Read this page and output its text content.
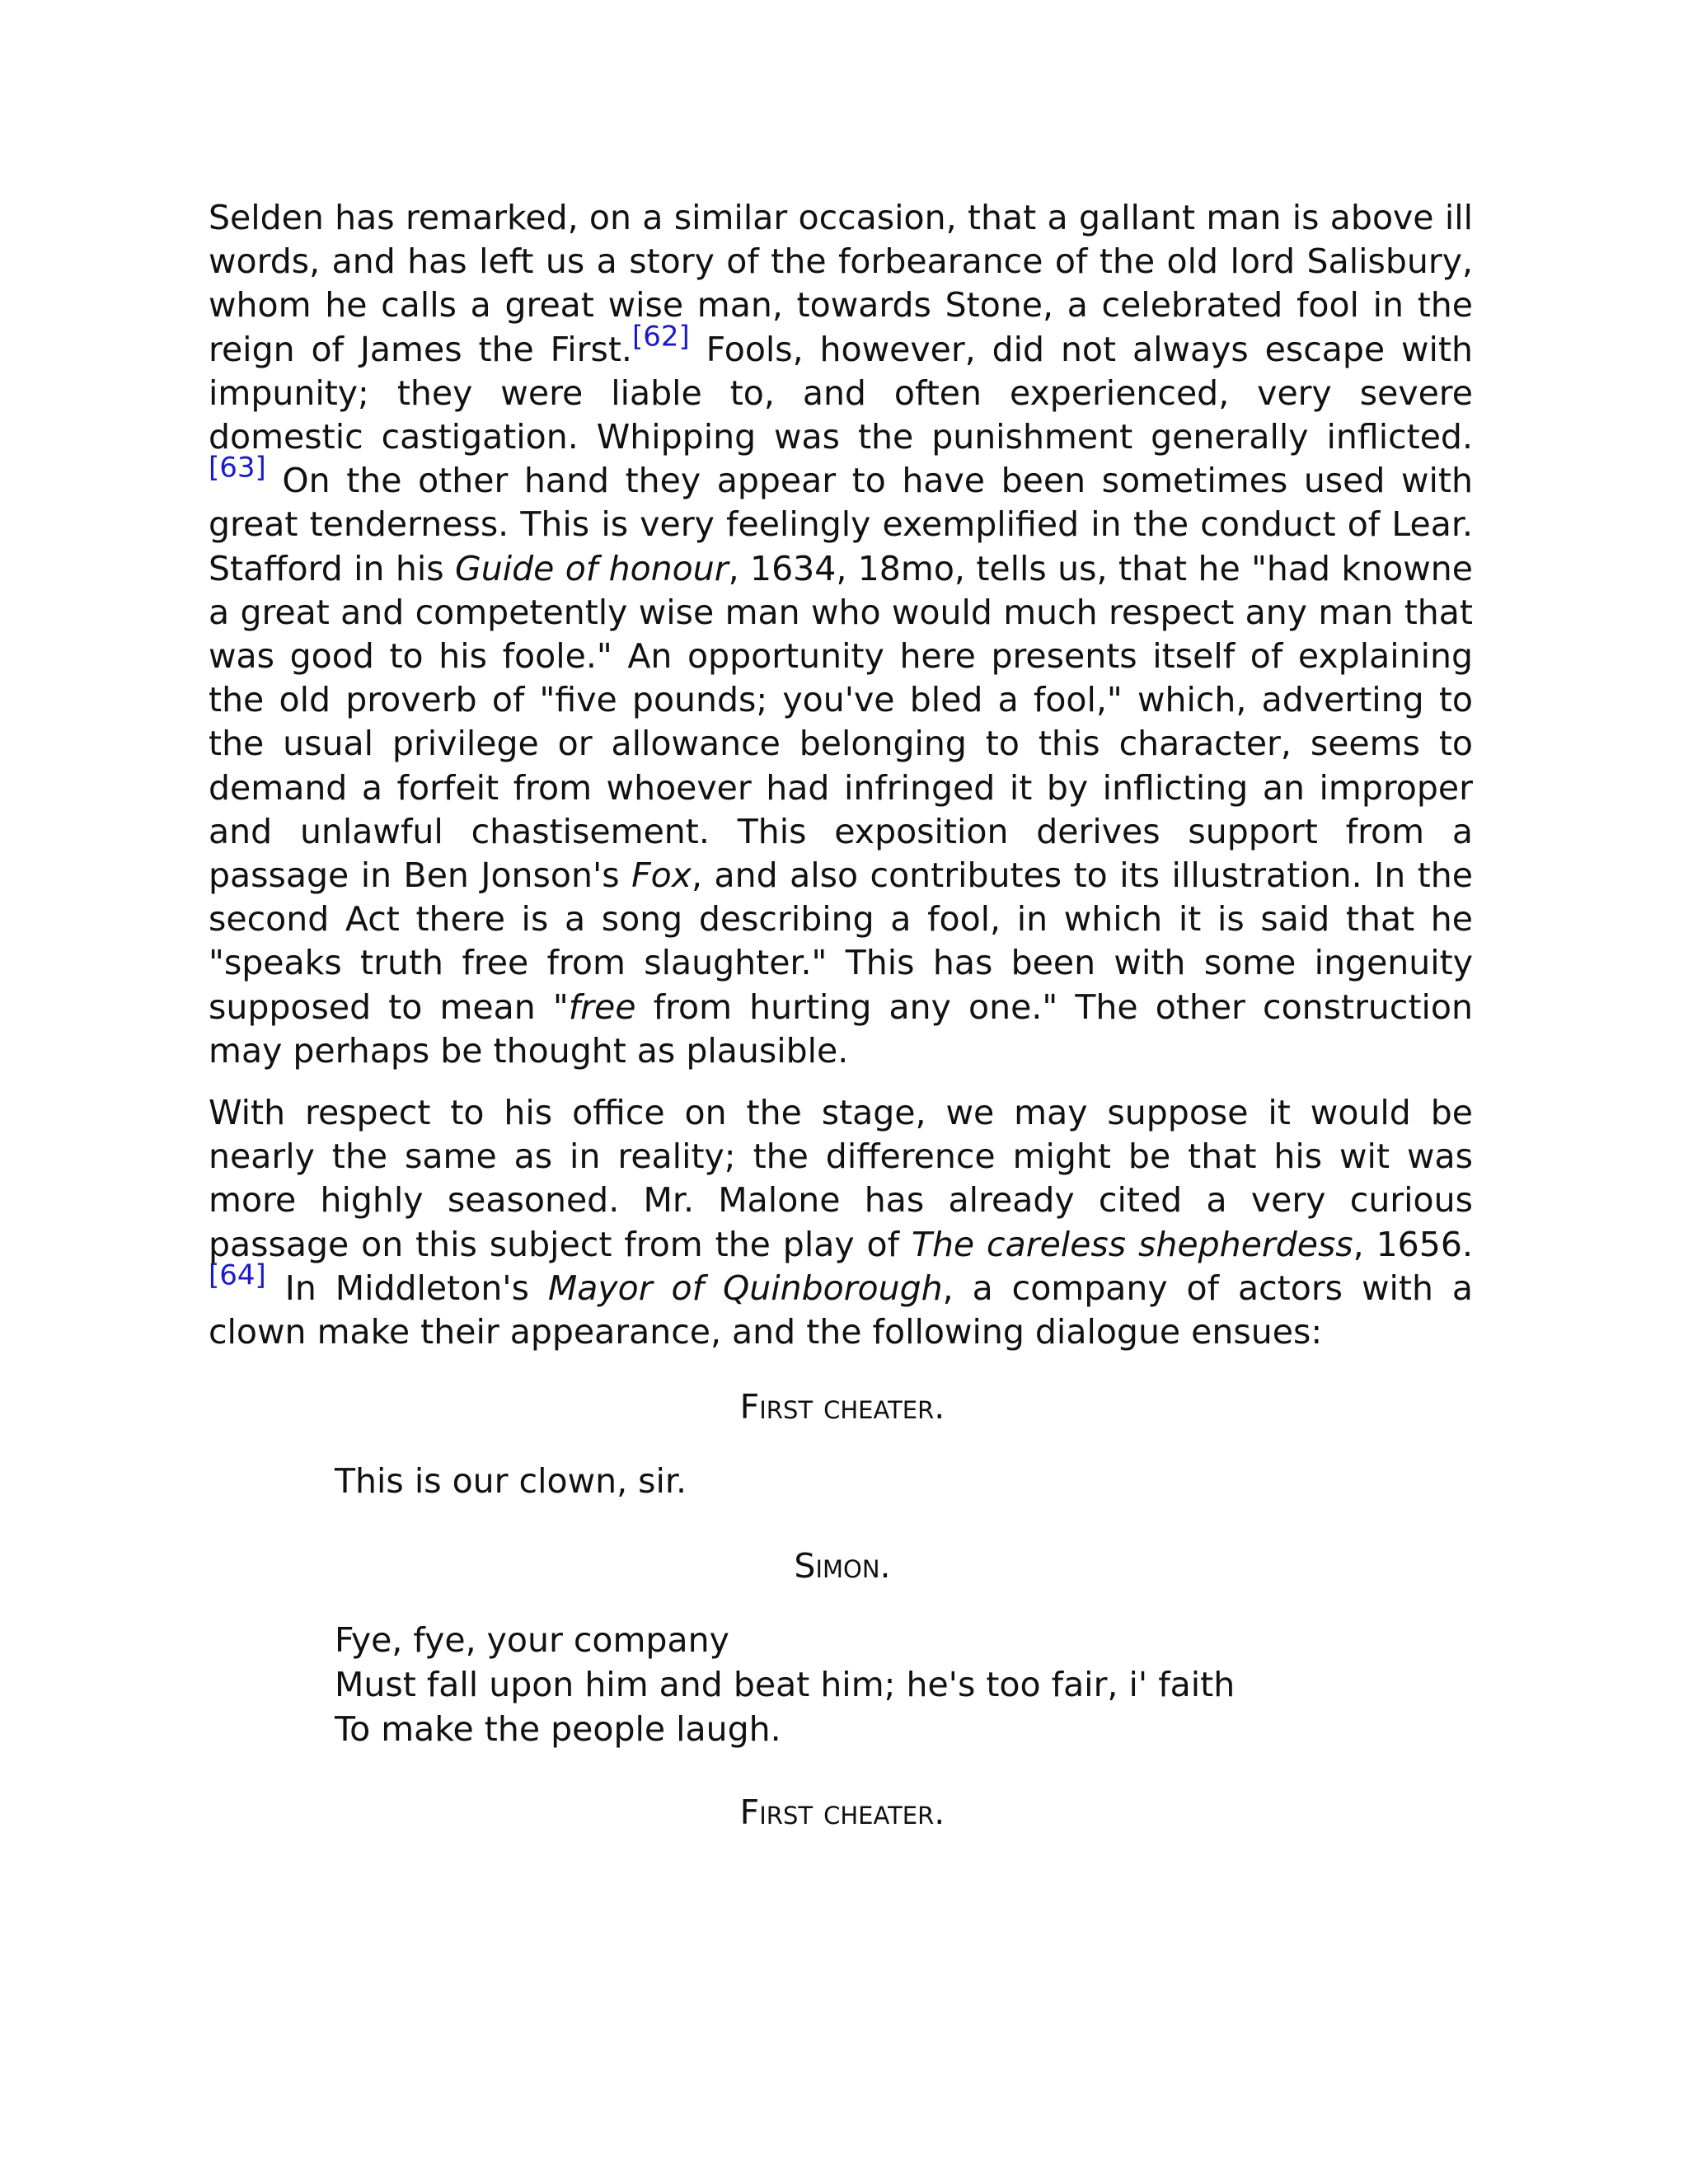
Selden has remarked, on a similar occasion, that a gallant man is above ill words, and has left us a story of the forbearance of the old lord Salisbury, whom he calls a great wise man, towards Stone, a celebrated fool in the reign of James the First.[62] Fools, however, did not always escape with impunity; they were liable to, and often experienced, very severe domestic castigation. Whipping was the punishment generally inflicted.[63] On the other hand they appear to have been sometimes used with great tenderness. This is very feelingly exemplified in the conduct of Lear. Stafford in his Guide of honour, 1634, 18mo, tells us, that he "had knowne a great and competently wise man who would much respect any man that was good to his foole." An opportunity here presents itself of explaining the old proverb of "five pounds; you've bled a fool," which, adverting to the usual privilege or allowance belonging to this character, seems to demand a forfeit from whoever had infringed it by inflicting an improper and unlawful chastisement. This exposition derives support from a passage in Ben Jonson's Fox, and also contributes to its illustration. In the second Act there is a song describing a fool, in which it is said that he "speaks truth free from slaughter." This has been with some ingenuity supposed to mean "free from hurting any one." The other construction may perhaps be thought as plausible.

With respect to his office on the stage, we may suppose it would be nearly the same as in reality; the difference might be that his wit was more highly seasoned. Mr. Malone has already cited a very curious passage on this subject from the play of The careless shepherdess, 1656.[64] In Middleton's Mayor of Quinborough, a company of actors with a clown make their appearance, and the following dialogue ensues:

First cheater.
This is our clown, sir.
Simon.
Fye, fye, your company
Must fall upon him and beat him; he's too fair, i' faith
To make the people laugh.
First cheater.
